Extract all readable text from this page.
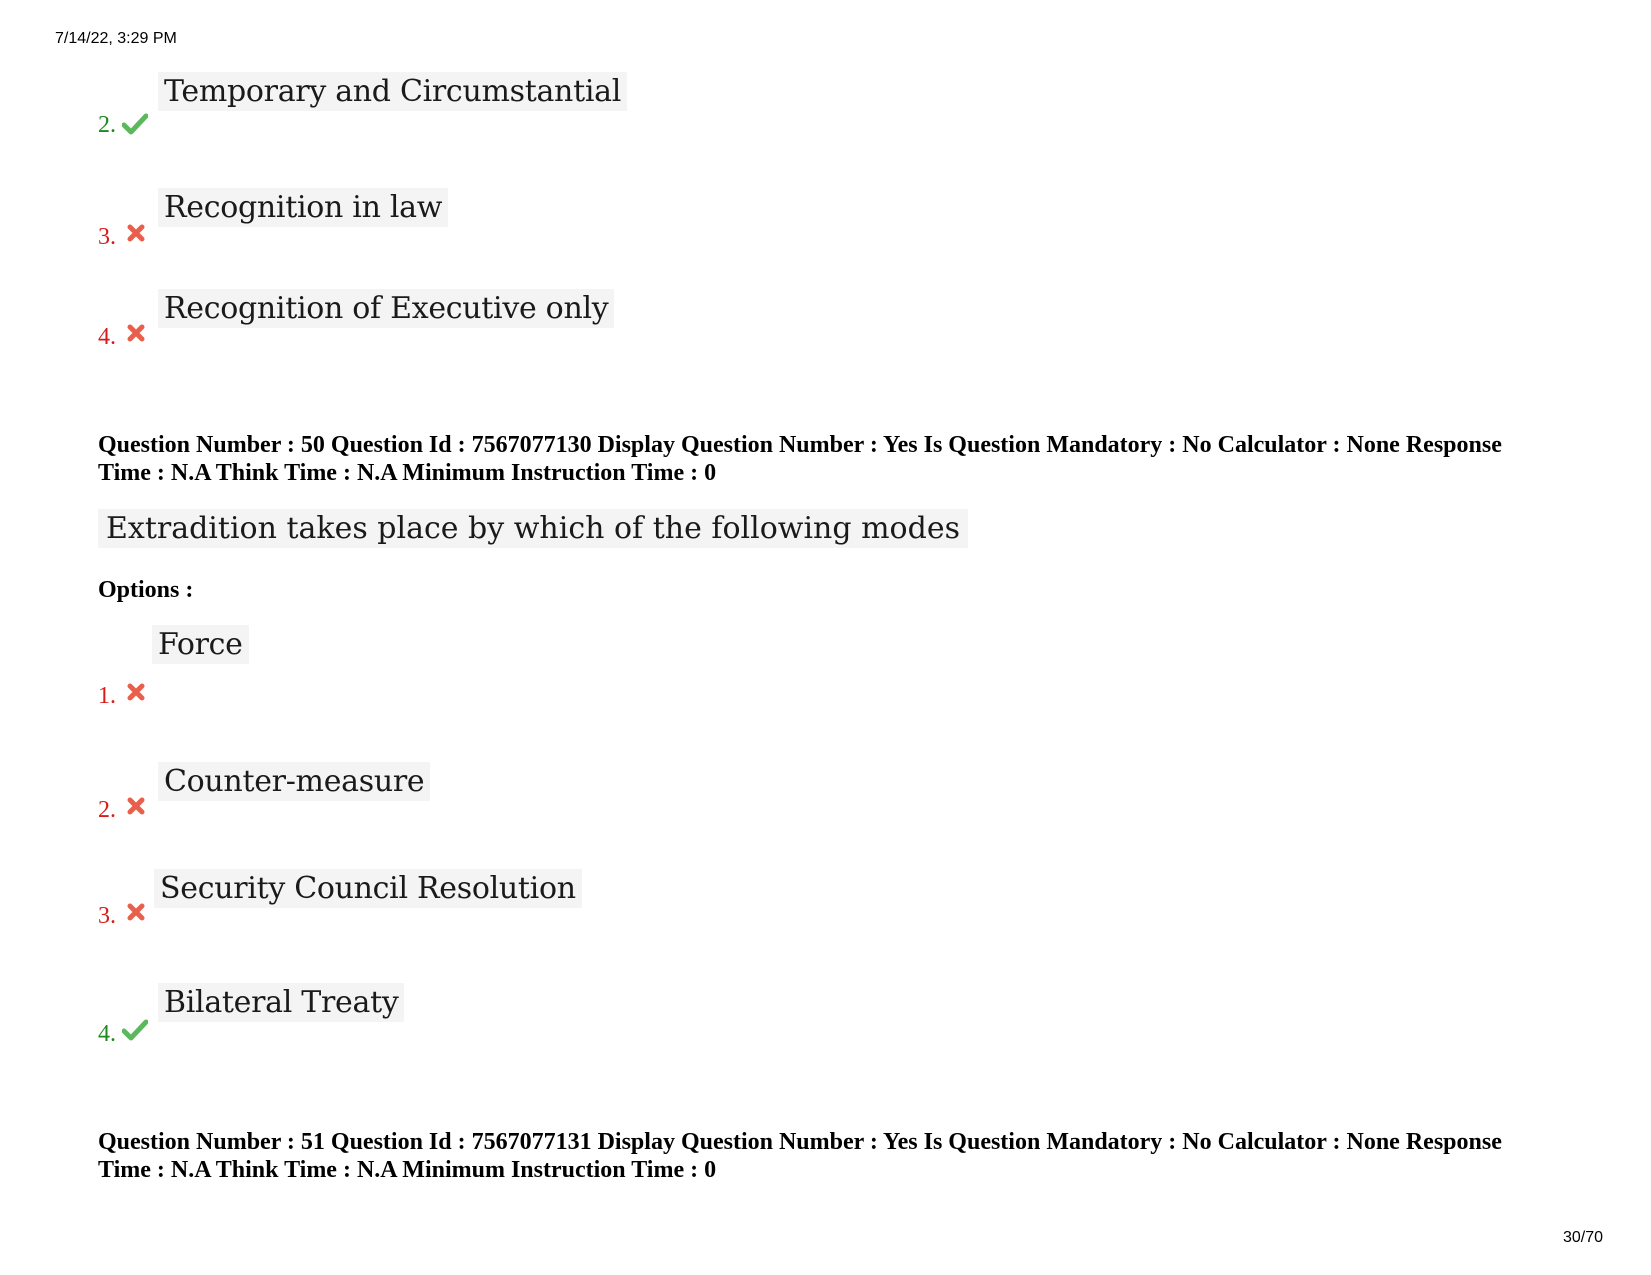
7/14/22, 3:29 PM
Temporary and Circumstantial
2.
Recognition in law
3.
Recognition of Executive only
4.
Question Number : 50 Question Id : 7567077130 Display Question Number : Yes Is Question Mandatory : No Calculator : None Response
Time : N.A Think Time : N.A Minimum Instruction Time : 0
Extradition takes place by which of the following modes
Options :
Force
1.
Counter-measure
2.
Security Council Resolution
3.
Bilateral Treaty
4.
Question Number : 51 Question Id : 7567077131 Display Question Number : Yes Is Question Mandatory : No Calculator : None Response
Time : N.A Think Time : N.A Minimum Instruction Time : 0
30/70
